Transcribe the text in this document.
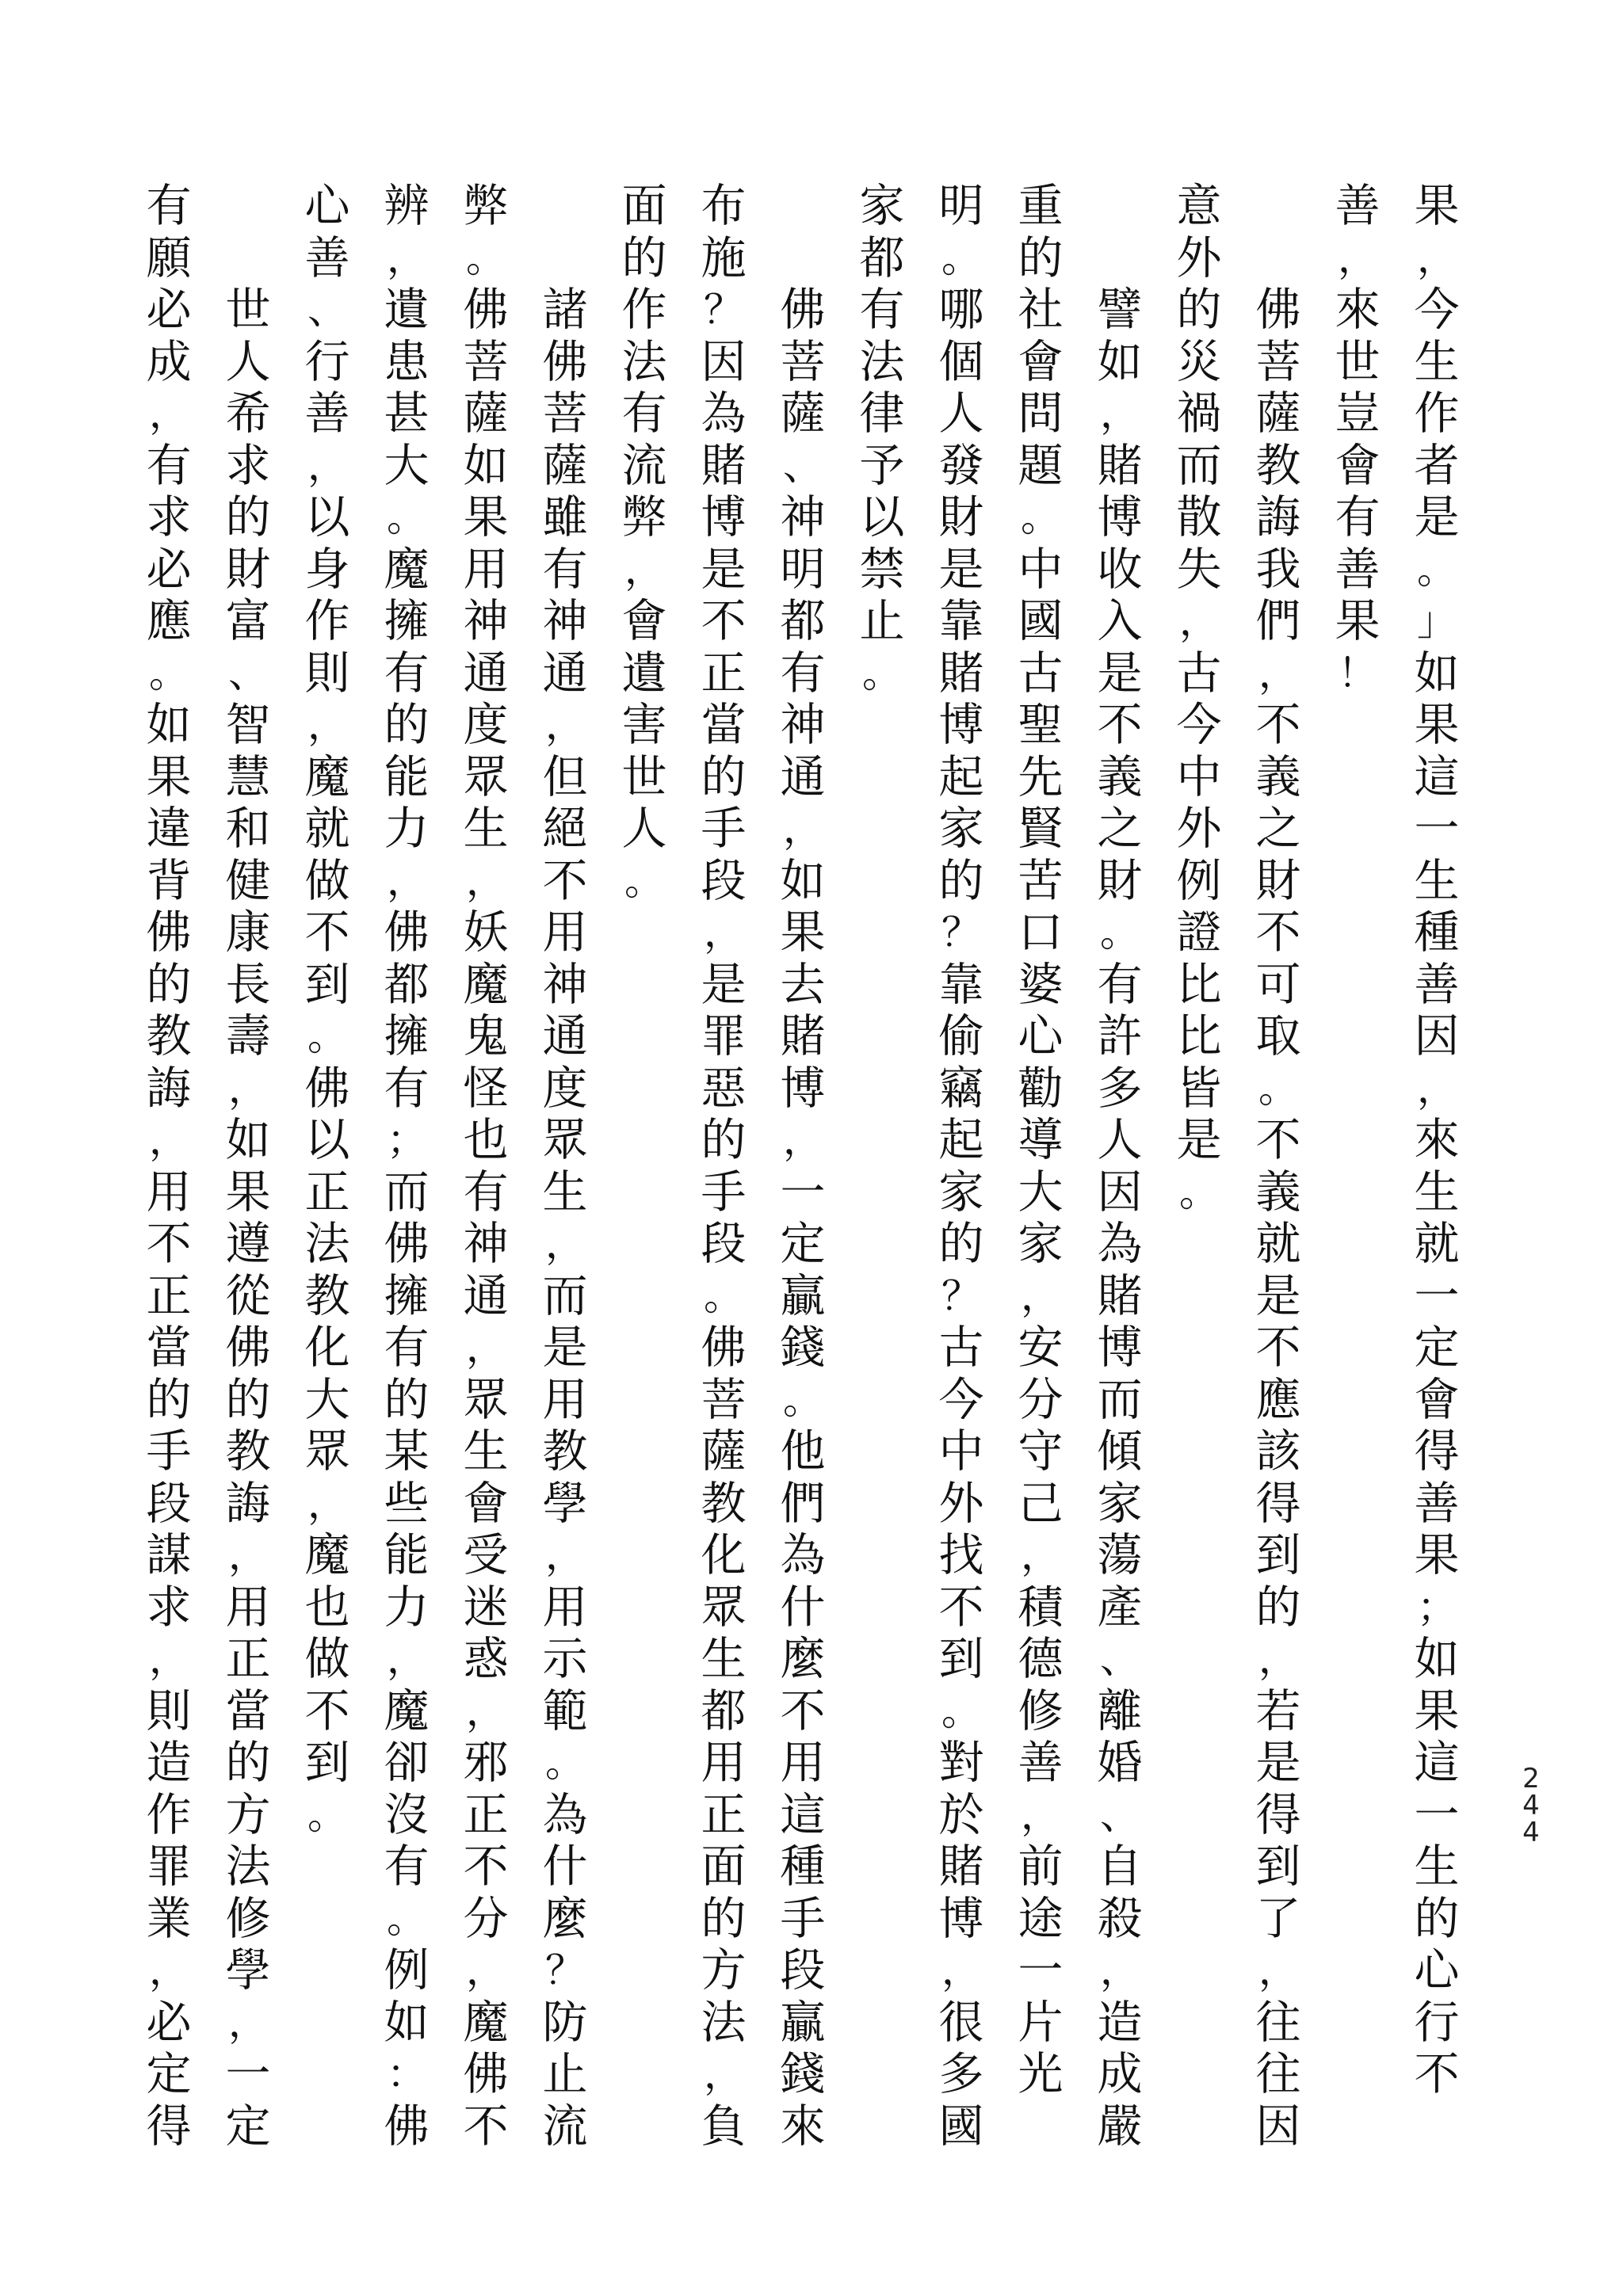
果
，
今
生
作
者
是
。
」
如
果
這
一
生
種
善
因
，
來
生
就
一
定
會
得
善
果
；
如
果
這
一
生
的
心
行
不
善
，
來
世
豈
會
有
善
果
！
佛
菩
薩
教
誨
我
們
，
不
義
之
財
不
可
取
。
不
義
就
是
不
應
該
得
到
的
，
若
是
得
到
了
，
往
往
因
意
外
的
災
禍
而
散
失
，
古
今
中
外
例
證
比
比
皆
是
。
譬
如
，
賭
博
收
入
是
不
義
之
財
。
有
許
多
人
因
為
賭
博
而
傾
家
蕩
產
、
離
婚
、
自
殺
，
造
成
嚴
重
的
社
會
問
題
。
中
國
古
聖
先
賢
苦
口
婆
心
勸
導
大
家
，
安
分
守
己
，
積
德
修
善
，
前
途
一
片
光
明
。
哪
個
人
發
財
是
靠
賭
博
起
家
的
？
靠
偷
竊
起
家
的
？
古
今
中
外
找
不
到
。
對
於
賭
博
，
很
多
國
家
都
有
法
律
予
以
禁
止
。
佛
菩
薩
、
神
明
都
有
神
通
，
如
果
去
賭
博
，
一
定
贏
錢
。
他
們
為
什
麼
不
用
這
種
手
段
贏
錢
來
布
施
？
因
為
賭
博
是
不
正
當
的
手
段
，
是
罪
惡
的
手
段
。
佛
菩
薩
教
化
眾
生
都
用
正
面
的
方
法
，
負
面
的
作
法
有
流
弊
，
會
遺
害
世
人
。
諸
佛
菩
薩
雖
有
神
通
，
但
絕
不
用
神
通
度
眾
生
，
而
是
用
教
學
，
用
示
範
。
為
什
麼
？
防
止
流
弊
。
佛
菩
薩
如
果
用
神
通
度
眾
生
，
妖
魔
鬼
怪
也
有
神
通
，
眾
生
會
受
迷
惑
，
邪
正
不
分
，
魔
佛
不
辨
，
遺
患
甚
大
。
魔
擁
有
的
能
力
，
佛
都
擁
有
；
而
佛
擁
有
的
某
些
能
力
，
魔
卻
沒
有
。
例
如
：
佛
心
善
、
行
善
，
以
身
作
則
，
魔
就
做
不
到
。
佛
以
正
法
教
化
大
眾
，
魔
也
做
不
到
。
世
人
希
求
的
財
富
、
智
慧
和
健
康
長
壽
，
如
果
遵
從
佛
的
教
誨
，
用
正
當
的
方
法
修
學
，
一
定
有
願
必
成
，
有
求
必
應
。
如
果
違
背
佛
的
教
誨
，
用
不
正
當
的
手
段
謀
求
，
則
造
作
罪
業
，
必
定
得
2
4
4
